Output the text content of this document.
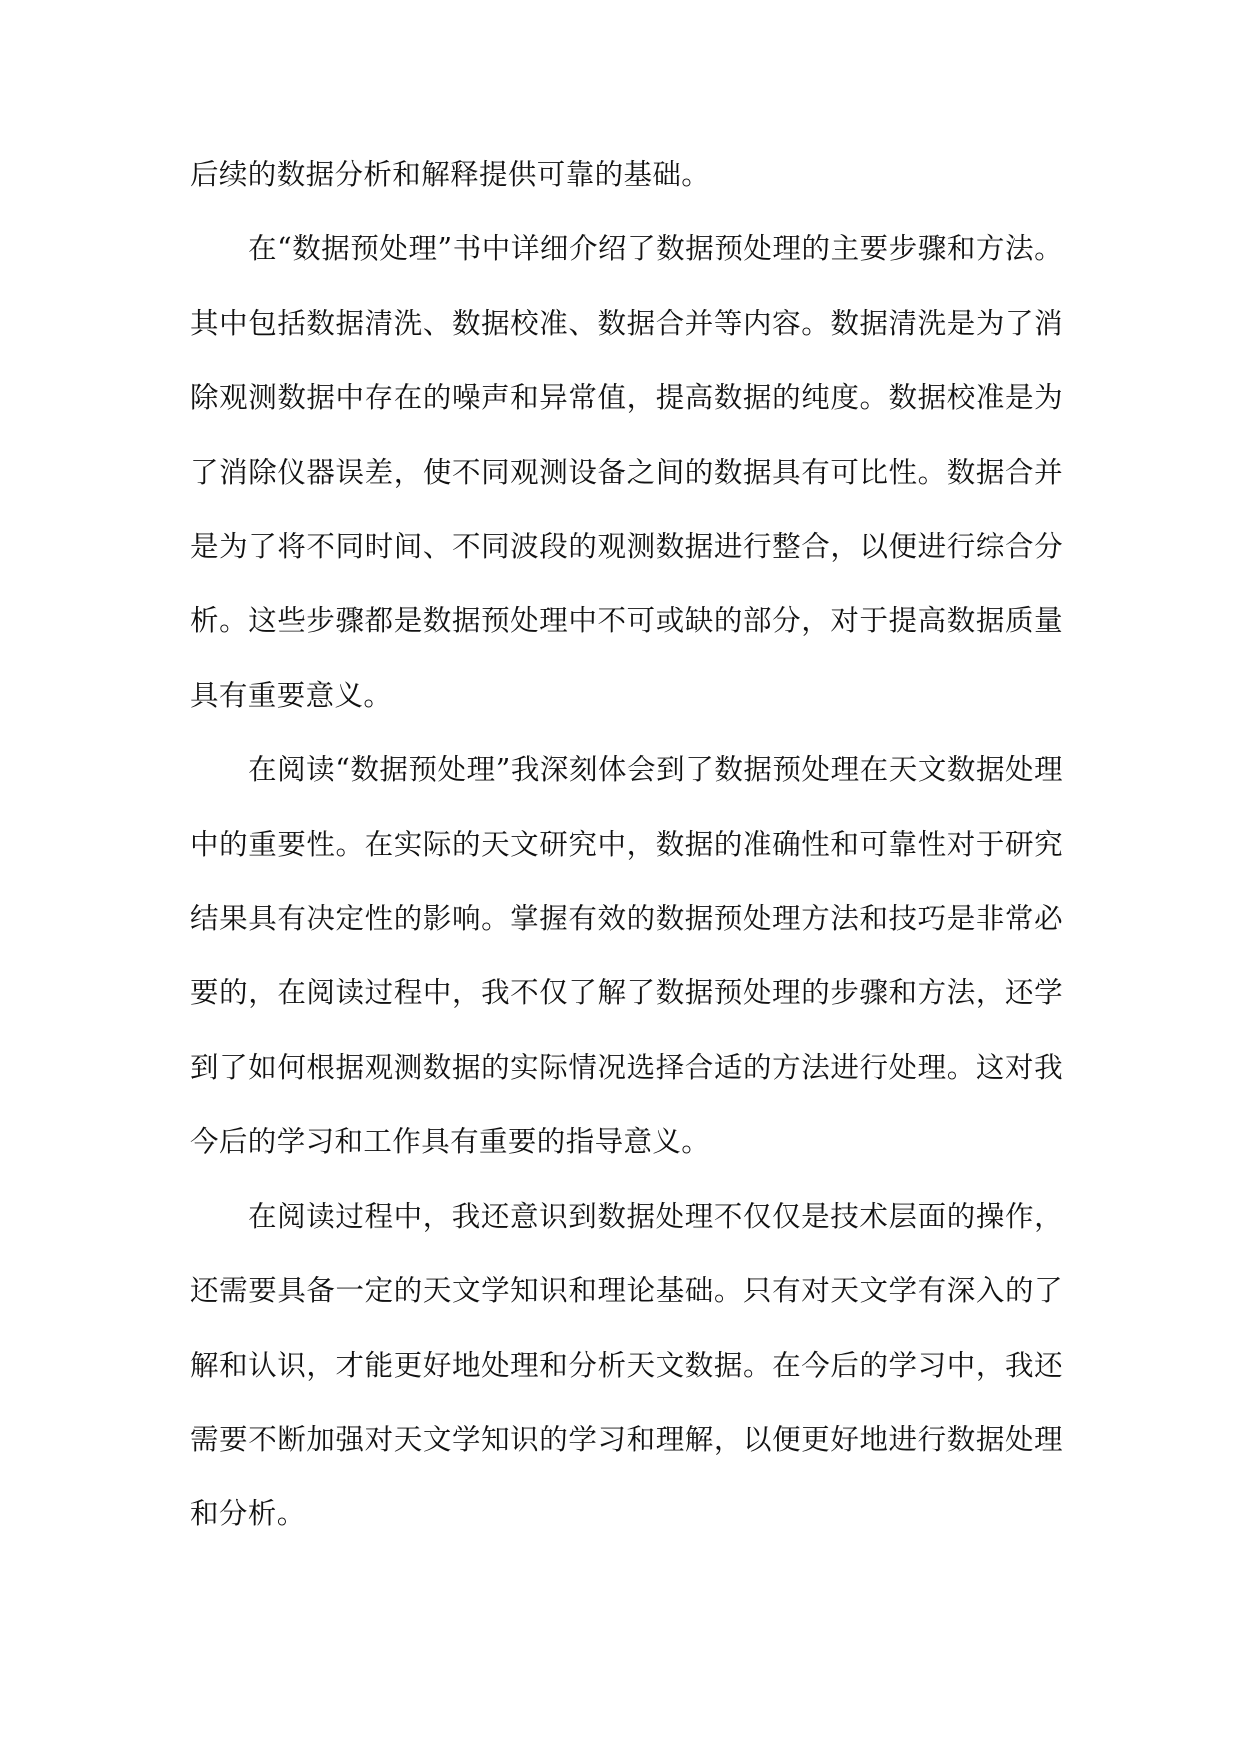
后续的数据分析和解释提供可靠的基础。

在“数据预处理”书中详细介绍了数据预处理的主要步骤和方法。其中包括数据清洗、数据校准、数据合并等内容。数据清洗是为了消除观测数据中存在的噪声和异常值，提高数据的纯度。数据校准是为了消除仪器误差，使不同观测设备之间的数据具有可比性。数据合并是为了将不同时间、不同波段的观测数据进行整合，以便进行综合分析。这些步骤都是数据预处理中不可或缺的部分，对于提高数据质量具有重要意义。

在阅读“数据预处理”我深刻体会到了数据预处理在天文数据处理中的重要性。在实际的天文研究中，数据的准确性和可靠性对于研究结果具有决定性的影响。掌握有效的数据预处理方法和技巧是非常必要的，在阅读过程中，我不仅了解了数据预处理的步骤和方法，还学到了如何根据观测数据的实际情况选择合适的方法进行处理。这对我今后的学习和工作具有重要的指导意义。

在阅读过程中，我还意识到数据处理不仅仅是技术层面的操作，还需要具备一定的天文学知识和理论基础。只有对天文学有深入的了解和认识，才能更好地处理和分析天文数据。在今后的学习中，我还需要不断加强对天文学知识的学习和理解，以便更好地进行数据处理和分析。
